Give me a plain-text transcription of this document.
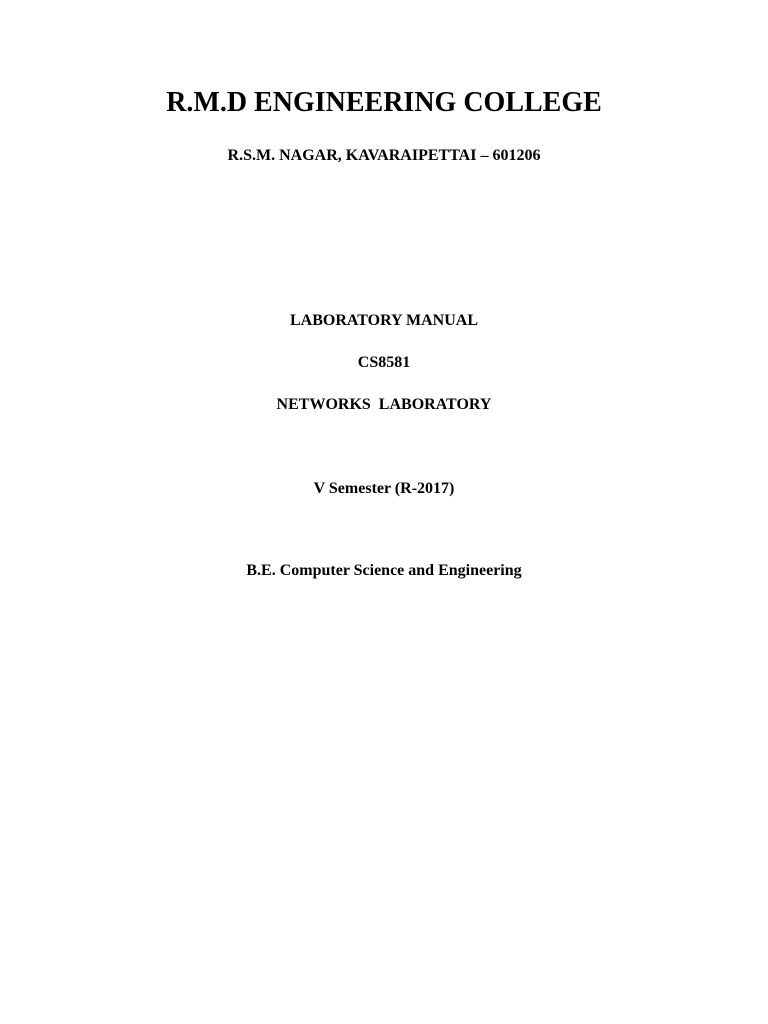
R.M.D ENGINEERING COLLEGE
R.S.M. NAGAR, KAVARAIPETTAI – 601206
LABORATORY MANUAL
CS8581
NETWORKS  LABORATORY
V Semester (R-2017)
B.E. Computer Science and Engineering
